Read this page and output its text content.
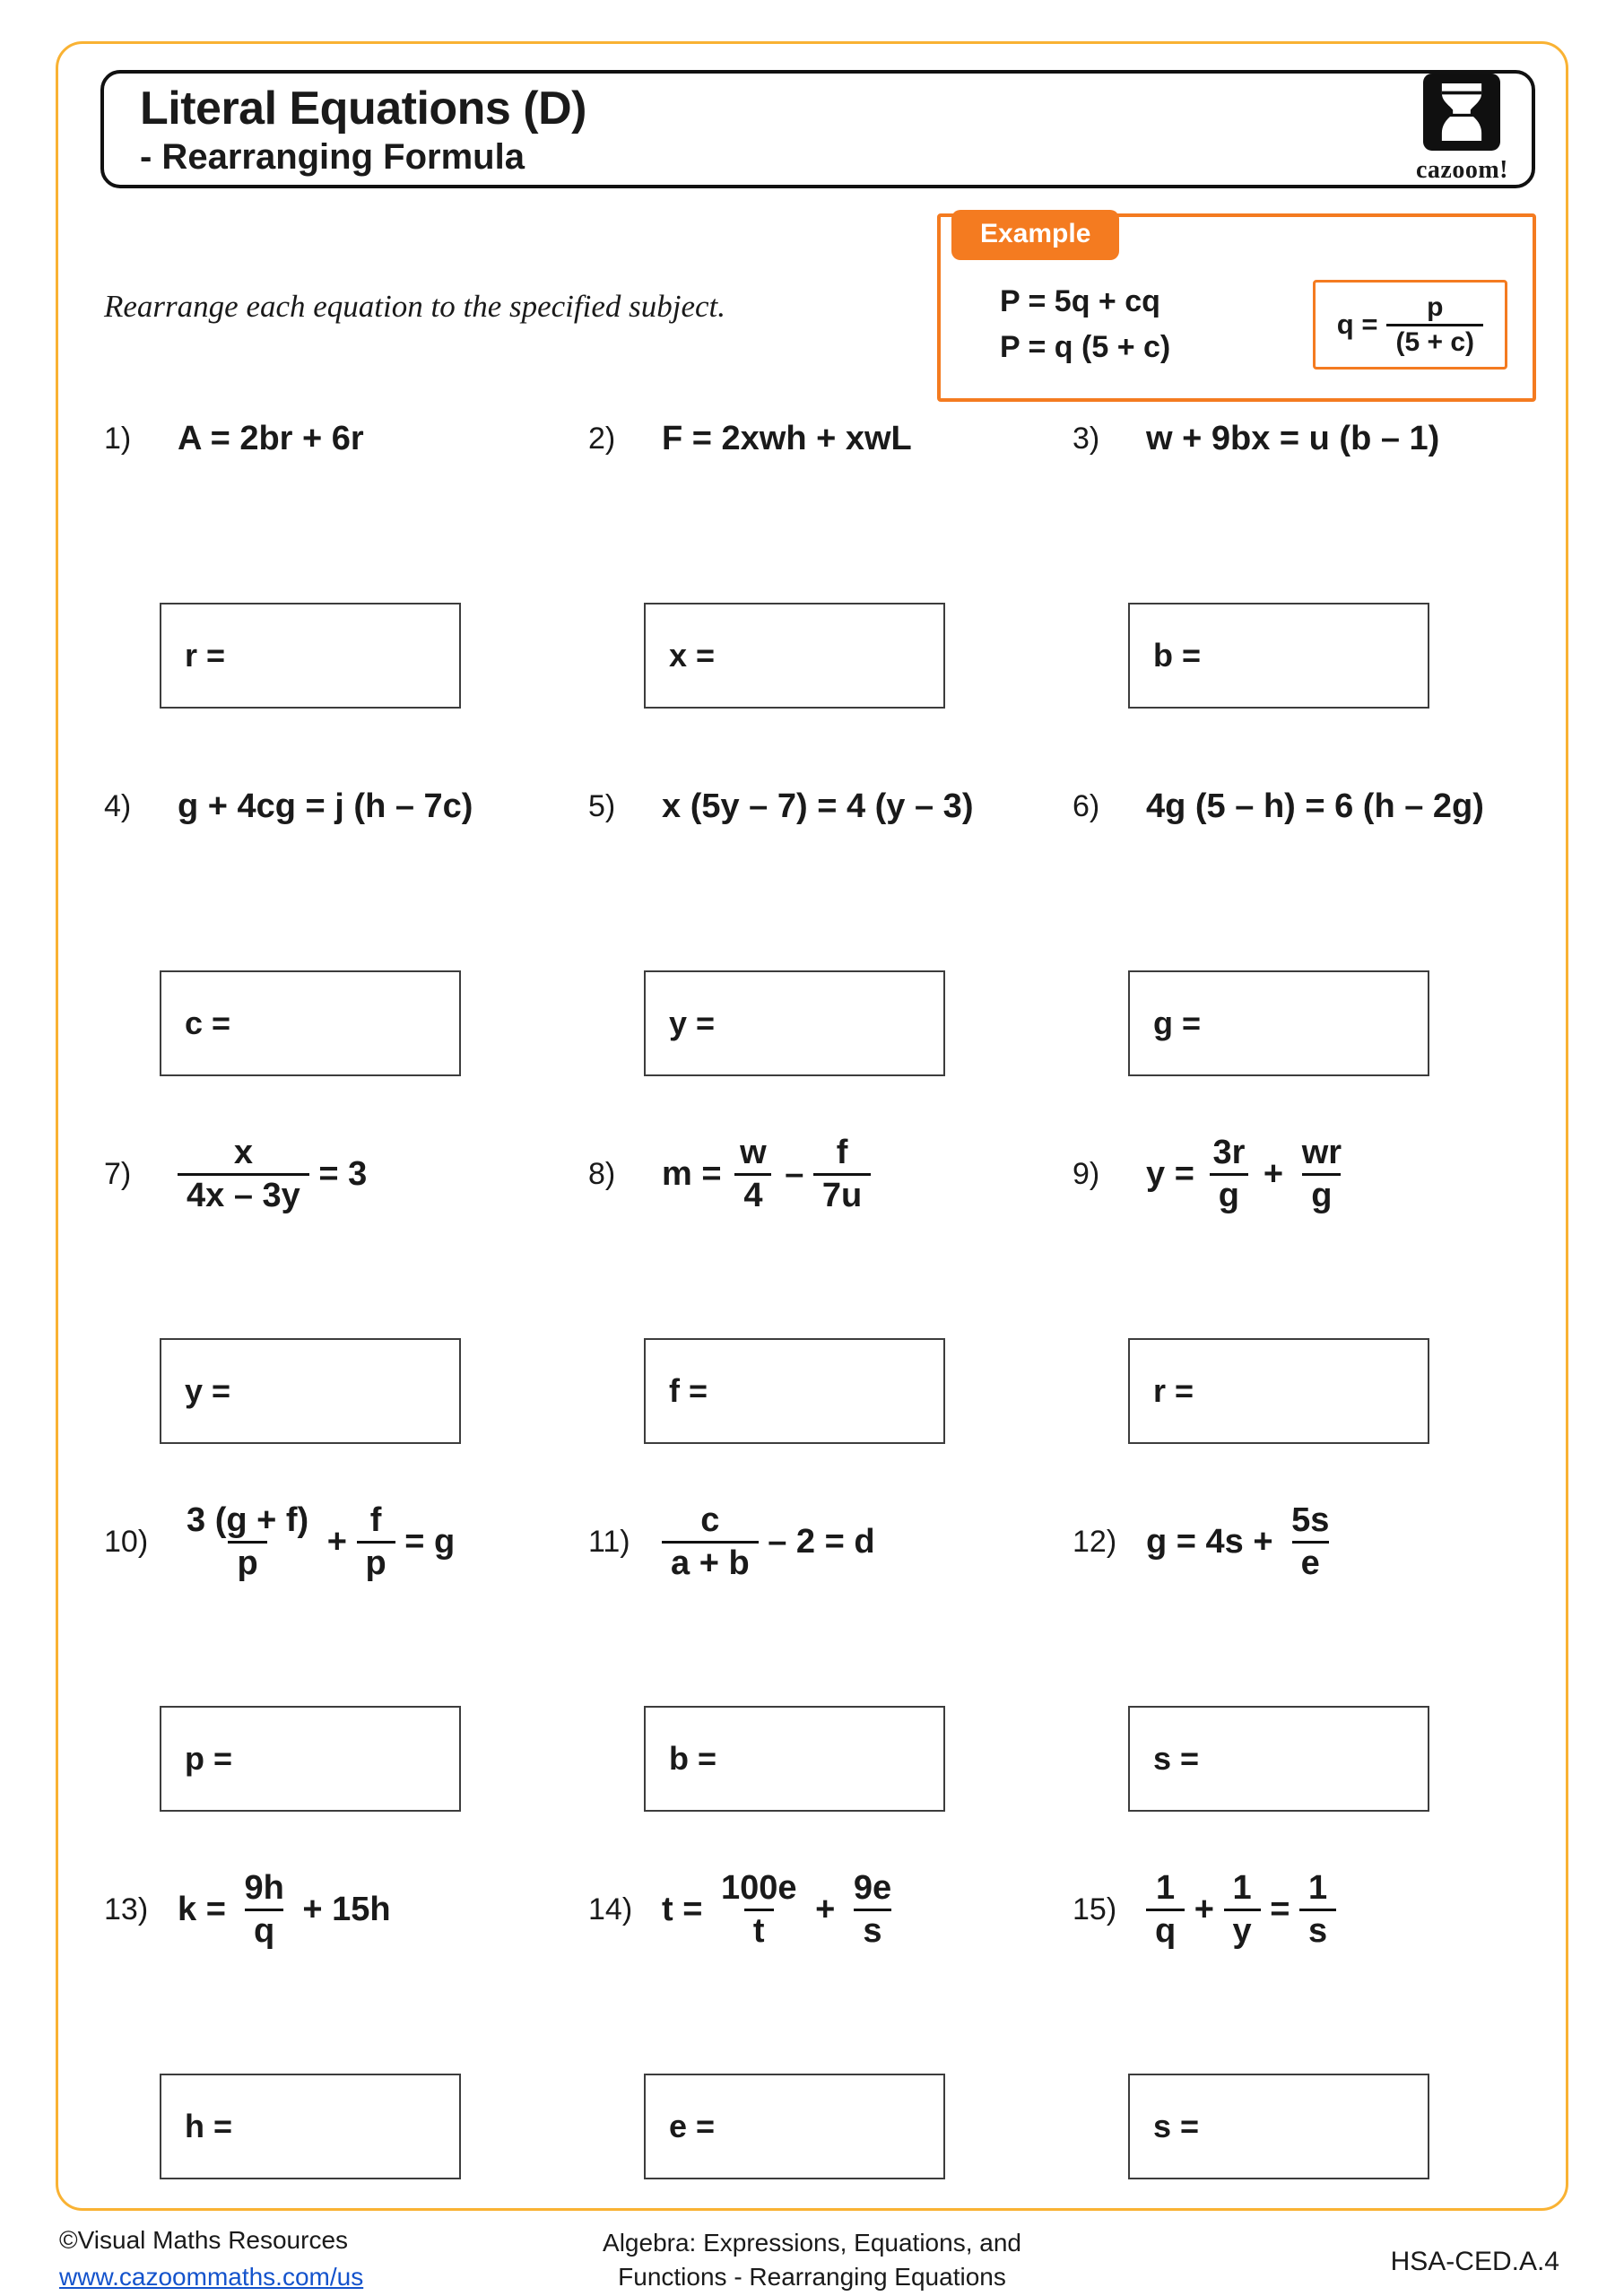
Literal Equations (D)
- Rearranging Formula	cazoom!
Rearrange each equation to the specified subject.
Example
P = 5q + cq
P = q (5 + c)
$q = \frac{p}{(5 + c)}$
1)	A = 2br + 6r	2)	F = 2xwh + xwL	3)	w + 9bx = u (b – 1)
r =	x =	b =
4)	g + 4cg = j (h – 7c)	5)	x (5y – 7) = 4 (y – 3)	6)	4g (5 – h) = 6 (h – 2g)
c =	y =	g =
7)	$\frac{x}{4x - 3y} = 3$	8)	$m = \frac{w}{4} - \frac{f}{7u}$	9)	$y = \frac{3r}{g} + \frac{wr}{g}$
y =	f =	r =
$10) \frac{3 (g + f)}{p} + \frac{f}{p} = g$	$11) \frac{c}{a + b} - 2 = d$	12) $g = 4s + \frac{5s}{e}$
p =	b =	s =
13) $k = \frac{9h}{q} + 15h$	14) $t = \frac{100e}{t} + \frac{9e}{s}$	$15) \frac{1}{q} + \frac{1}{y} = \frac{1}{s}$
h =	e =	s =
©Visual Maths Resources
www.cazoommaths.com/us
Algebra: Expressions, Equations, and
Functions - Rearranging Equations
HSA-CED.A.4
